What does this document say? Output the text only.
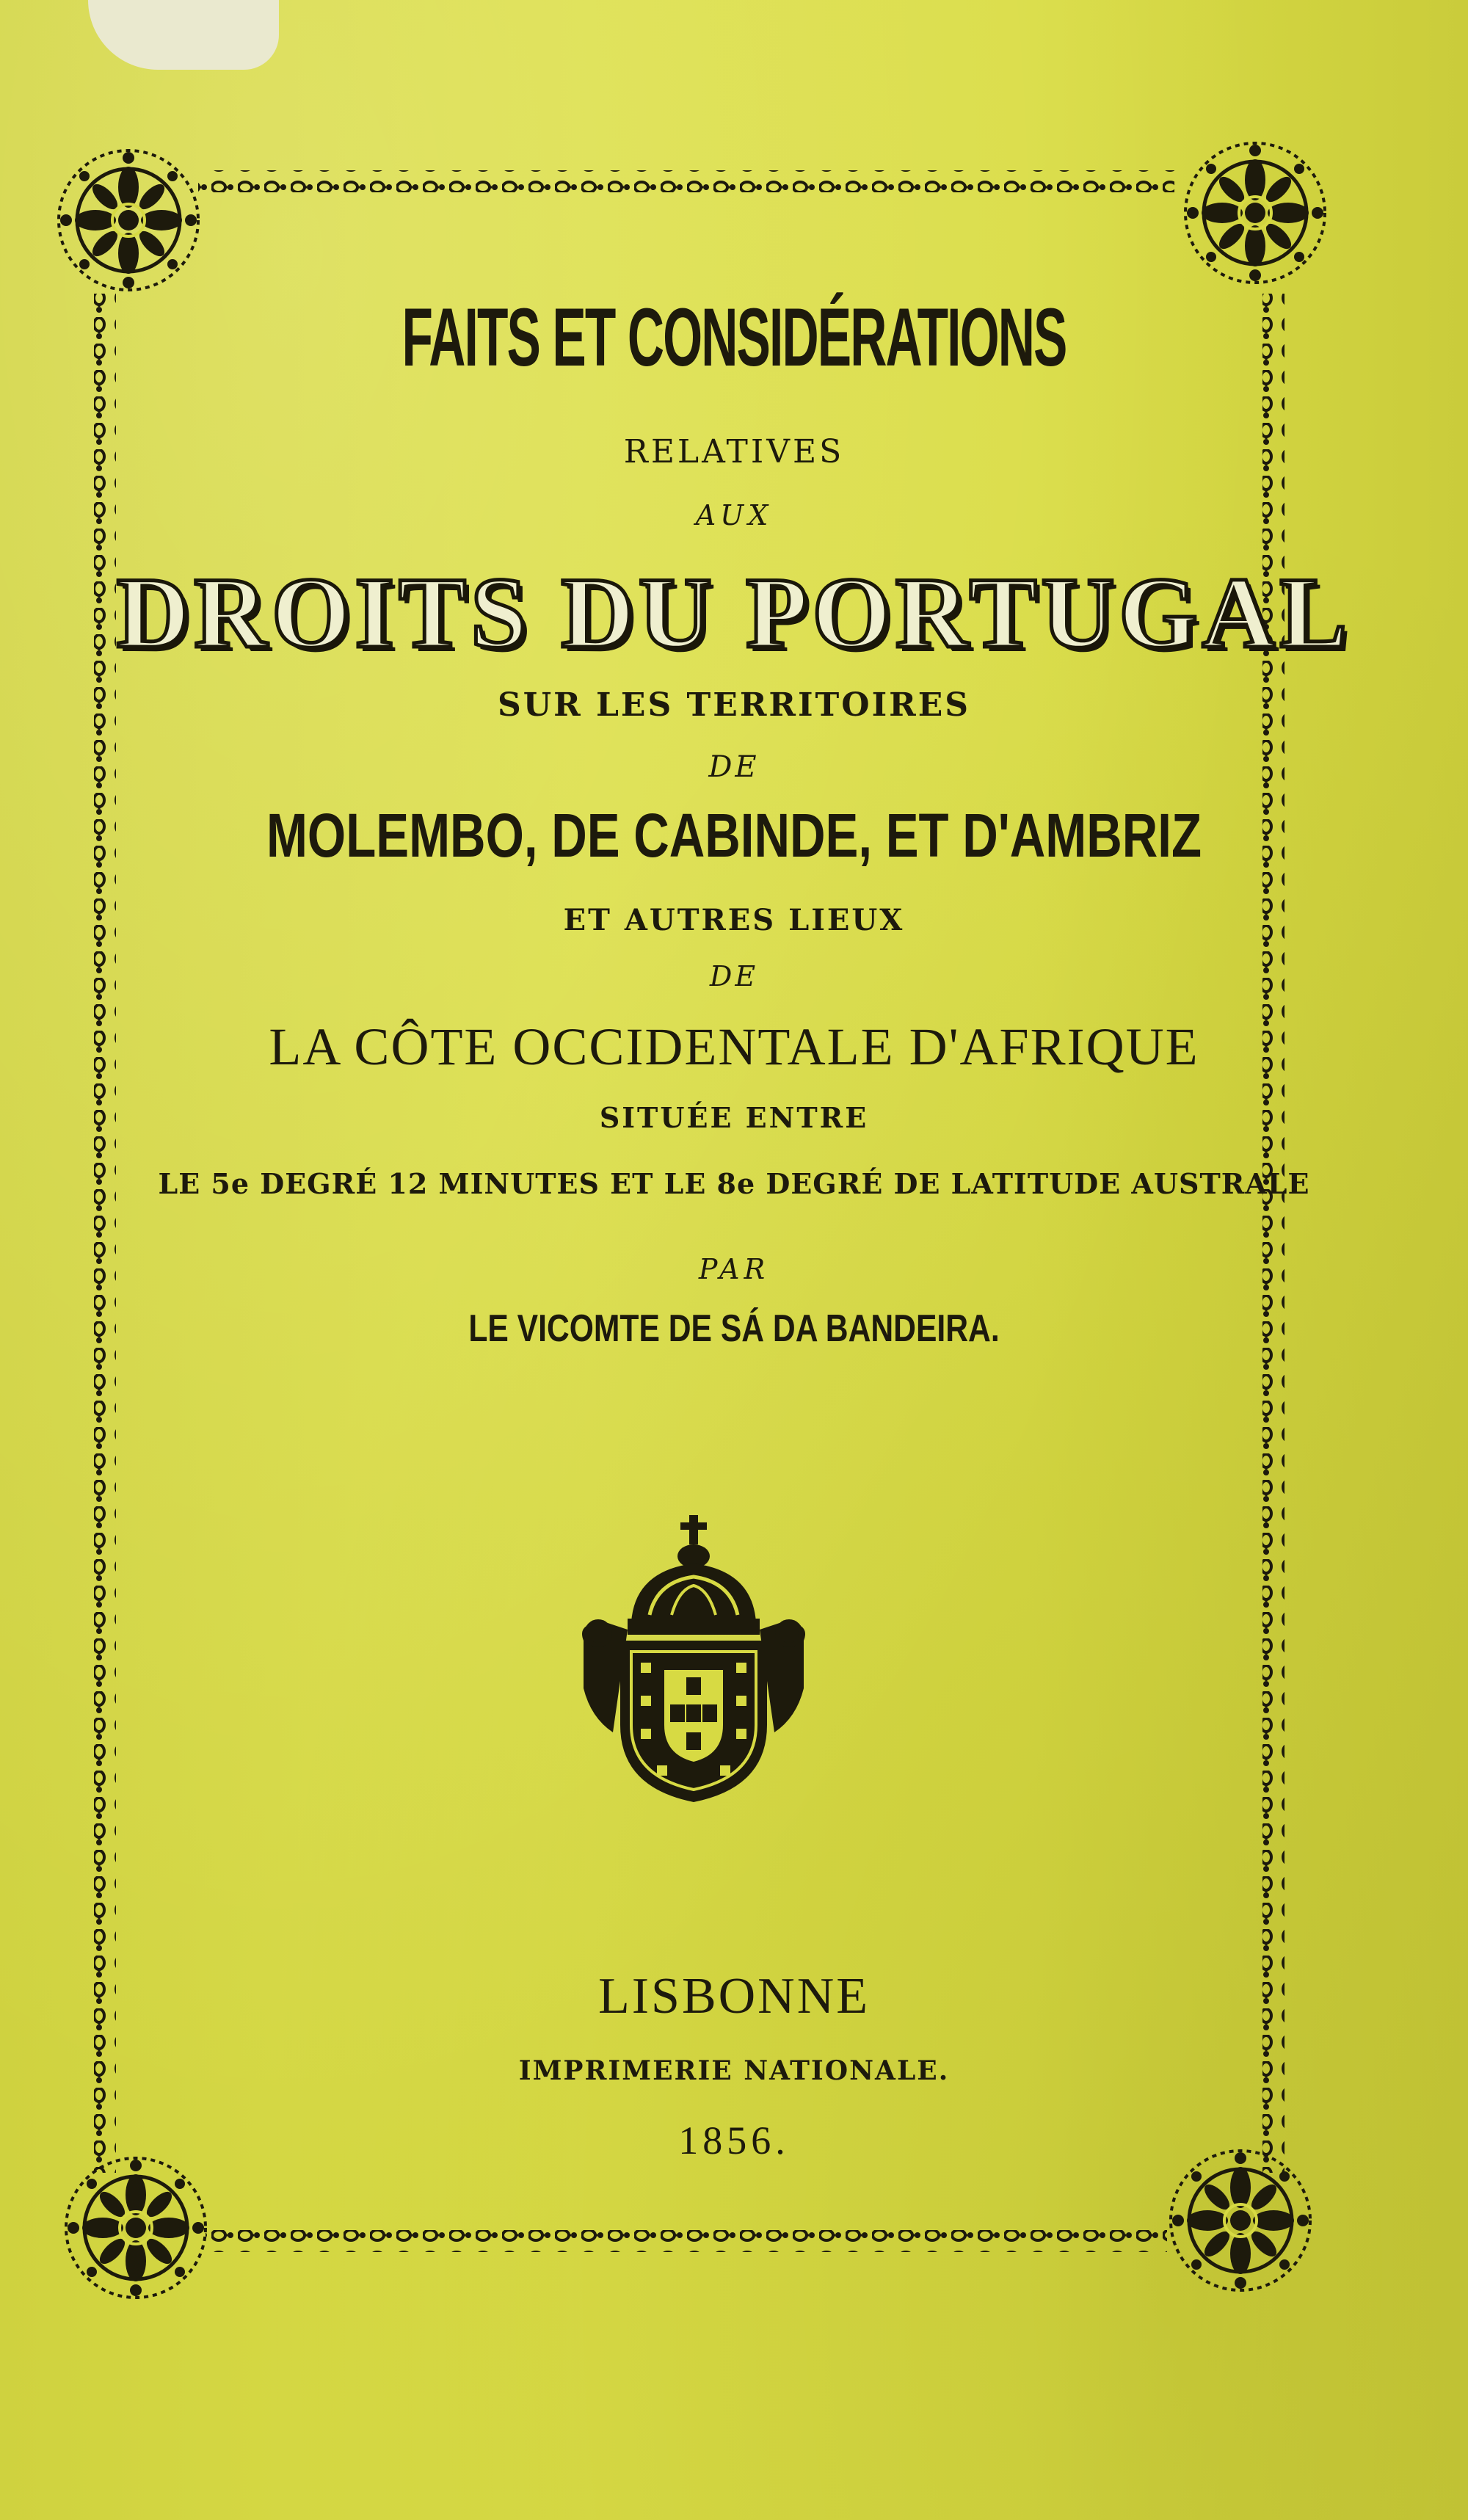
FAITS ET CONSIDÉRATIONS
RELATIVES
AUX
DROITS DU PORTUGAL
SUR LES TERRITOIRES
DE
MOLEMBO, DE CABINDE, ET D'AMBRIZ
ET AUTRES LIEUX
DE
LA CÔTE OCCIDENTALE D'AFRIQUE
SITUÉE ENTRE
LE 5e DEGRÉ 12 MINUTES ET LE 8e DEGRÉ DE LATITUDE AUSTRALE
PAR
LE VICOMTE DE SÁ DA BANDEIRA.
LISBONNE
IMPRIMERIE NATIONALE.
1856.
